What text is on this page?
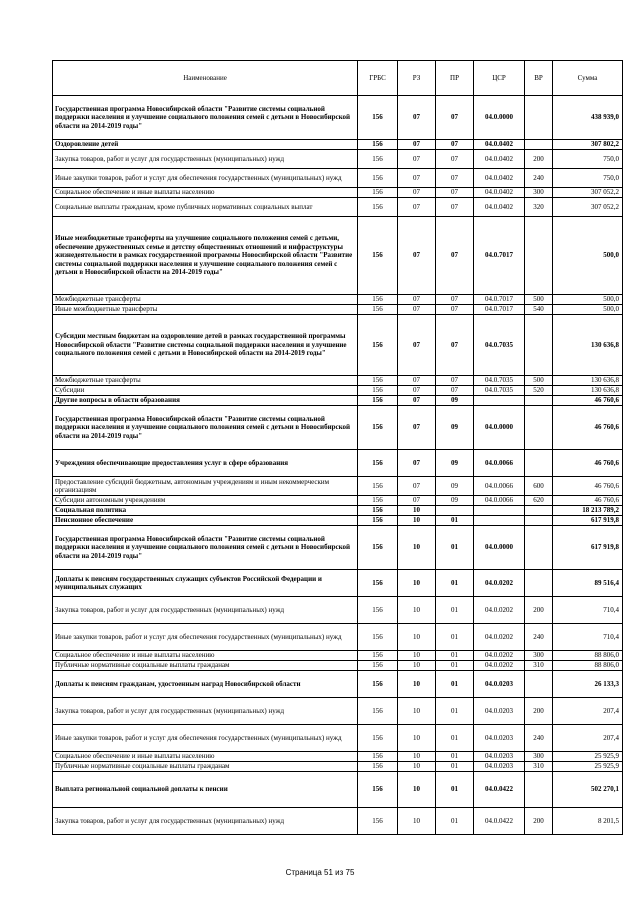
Наименование	ГРБС	РЗ	ПР	ЦСР	ВР	Сумма
Государственная программа Новосибирской области "Развитие системы социальной поддержки населения и улучшение социального положения семей с детьми в Новосибирской области на 2014-2019 годы"	156	07	07	04.0.0000		438 939,0
Оздоровление детей	156	07	07	04.0.0402		307 802,2
Закупка товаров, работ и услуг для государственных (муниципальных) нужд	156	07	07	04.0.0402	200	750,0
Иные закупки товаров, работ и услуг для обеспечения государственных (муниципальных) нужд	156	07	07	04.0.0402	240	750,0
Социальное обеспечение и иные выплаты населению	156	07	07	04.0.0402	300	307 052,2
Социальные выплаты гражданам, кроме публичных нормативных социальных выплат	156	07	07	04.0.0402	320	307 052,2
Иные межбюджетные трансферты на улучшение социального положения семей с детьми, обеспечение дружественных семье и детству общественных отношений и инфраструктуры жизнедеятельности в рамках государственной программы Новосибирской области "Развитие системы социальной поддержки населения и улучшение социального положения семей с детьми в Новосибирской области на 2014-2019 годы"	156	07	07	04.0.7017		500,0
Межбюджетные трансферты	156	07	07	04.0.7017	500	500,0
Иные межбюджетные трансферты	156	07	07	04.0.7017	540	500,0
Субсидии местным бюджетам на оздоровление детей в рамках государственной программы Новосибирской области "Развитие системы социальной поддержки населения и улучшение социального положения семей с детьми в Новосибирской области на 2014-2019 годы"	156	07	07	04.0.7035		130 636,8
Межбюджетные трансферты	156	07	07	04.0.7035	500	130 636,8
Субсидии	156	07	07	04.0.7035	520	130 636,8
Другие вопросы в области образования	156	07	09			46 760,6
Государственная программа Новосибирской области "Развитие системы социальной поддержки населения и улучшение социального положения семей с детьми в Новосибирской области на 2014-2019 годы"	156	07	09	04.0.0000		46 760,6
Учреждения обеспечивающие предоставления услуг в сфере образования	156	07	09	04.0.0066		46 760,6
Предоставление субсидий бюджетным, автономным учреждениям и иным некоммерческим организациям	156	07	09	04.0.0066	600	46 760,6
Субсидии автономным учреждениям	156	07	09	04.0.0066	620	46 760,6
Социальная политика	156	10				18 213 789,2
Пенсионное обеспечение	156	10	01			617 919,8
Государственная программа Новосибирской области "Развитие системы социальной поддержки населения и улучшение социального положения семей с детьми в Новосибирской области на 2014-2019 годы"	156	10	01	04.0.0000		617 919,8
Доплаты к пенсиям государственных служащих субъектов Российской Федерации и муниципальных служащих	156	10	01	04.0.0202		89 516,4
Закупка товаров, работ и услуг для государственных (муниципальных) нужд	156	10	01	04.0.0202	200	710,4
Иные закупки товаров, работ и услуг для обеспечения государственных (муниципальных) нужд	156	10	01	04.0.0202	240	710,4
Социальное обеспечение и иные выплаты населению	156	10	01	04.0.0202	300	88 806,0
Публичные нормативные социальные выплаты гражданам	156	10	01	04.0.0202	310	88 806,0
Доплаты к пенсиям гражданам, удостоенным наград Новосибирской области	156	10	01	04.0.0203		26 133,3
Закупка товаров, работ и услуг для государственных (муниципальных) нужд	156	10	01	04.0.0203	200	207,4
Иные закупки товаров, работ и услуг для обеспечения государственных (муниципальных) нужд	156	10	01	04.0.0203	240	207,4
Социальное обеспечение и иные выплаты населению	156	10	01	04.0.0203	300	25 925,9
Публичные нормативные социальные выплаты гражданам	156	10	01	04.0.0203	310	25 925,9
Выплата региональной социальной доплаты к пенсии	156	10	01	04.0.0422		502 270,1
Закупка товаров, работ и услуг для государственных (муниципальных) нужд	156	10	01	04.0.0422	200	8 201,5
Страница 51 из 75
